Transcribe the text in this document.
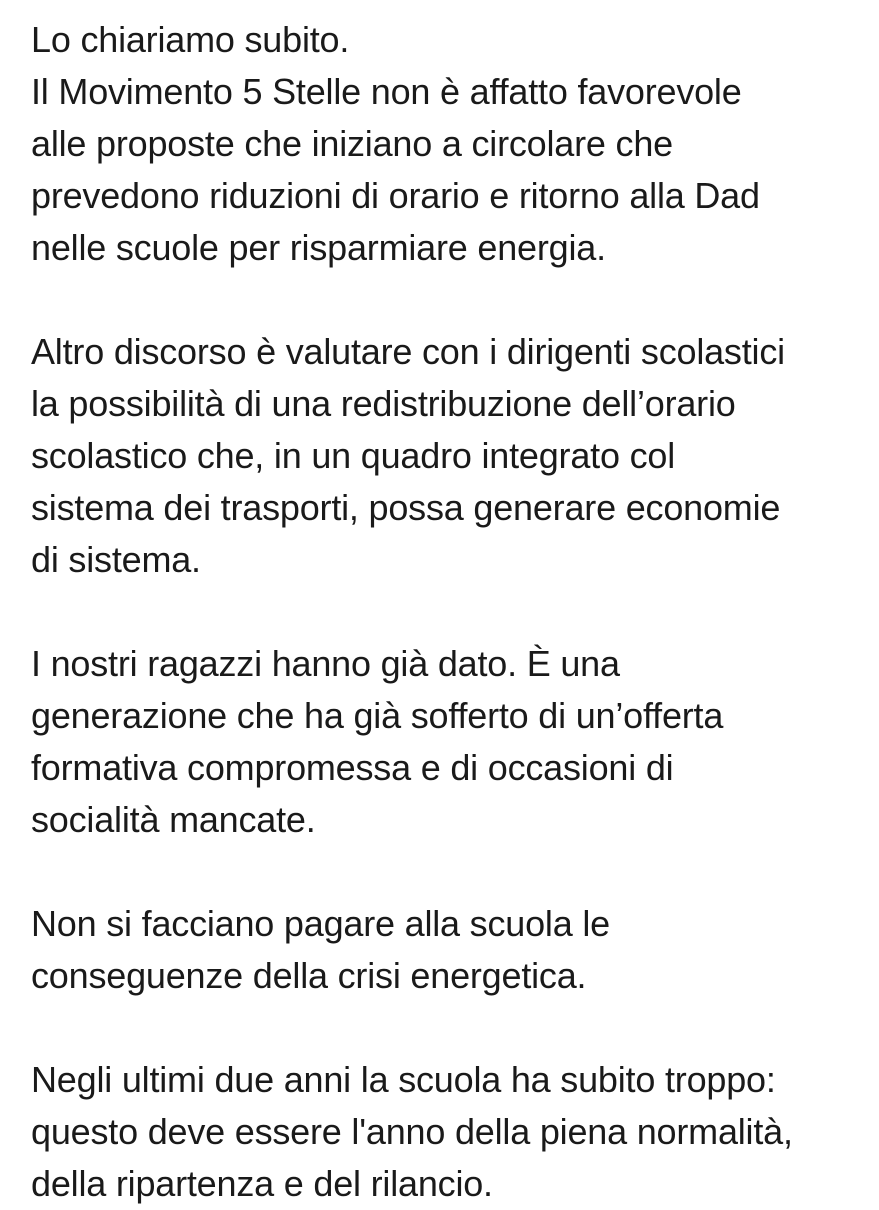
Lo chiariamo subito.
Il Movimento 5 Stelle non è affatto favorevole
alle proposte che iniziano a circolare che
prevedono riduzioni di orario e ritorno alla Dad
nelle scuole per risparmiare energia.

Altro discorso è valutare con i dirigenti scolastici
la possibilità di una redistribuzione dell’orario
scolastico che, in un quadro integrato col
sistema dei trasporti, possa generare economie
di sistema.

I nostri ragazzi hanno già dato. È una
generazione che ha già sofferto di un’offerta
formativa compromessa e di occasioni di
socialità mancate.

Non si facciano pagare alla scuola le
conseguenze della crisi energetica.

Negli ultimi due anni la scuola ha subito troppo:
questo deve essere l'anno della piena normalità,
della ripartenza e del rilancio.
